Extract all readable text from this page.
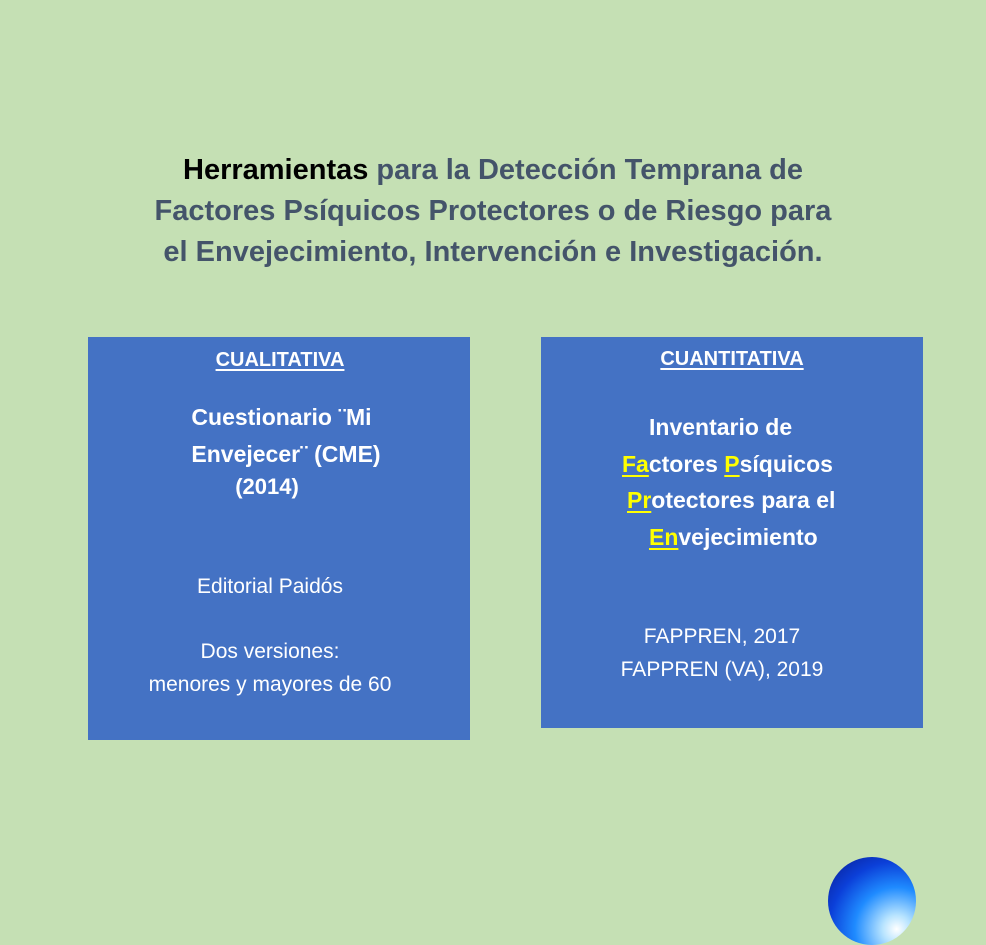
Herramientas para la Detección Temprana de
Factores Psíquicos Protectores o de Riesgo para
el Envejecimiento, Intervención e Investigación.
CUALITATIVA
Cuestionario ¨Mi
Envejecer¨ (CME)
(2014)
Editorial Paidós
Dos versiones:
menores y mayores de 60
CUANTITATIVA
Inventario de
Factores Psíquicos
Protectores para el
Envejecimiento
FAPPREN, 2017
FAPPREN (VA), 2019
